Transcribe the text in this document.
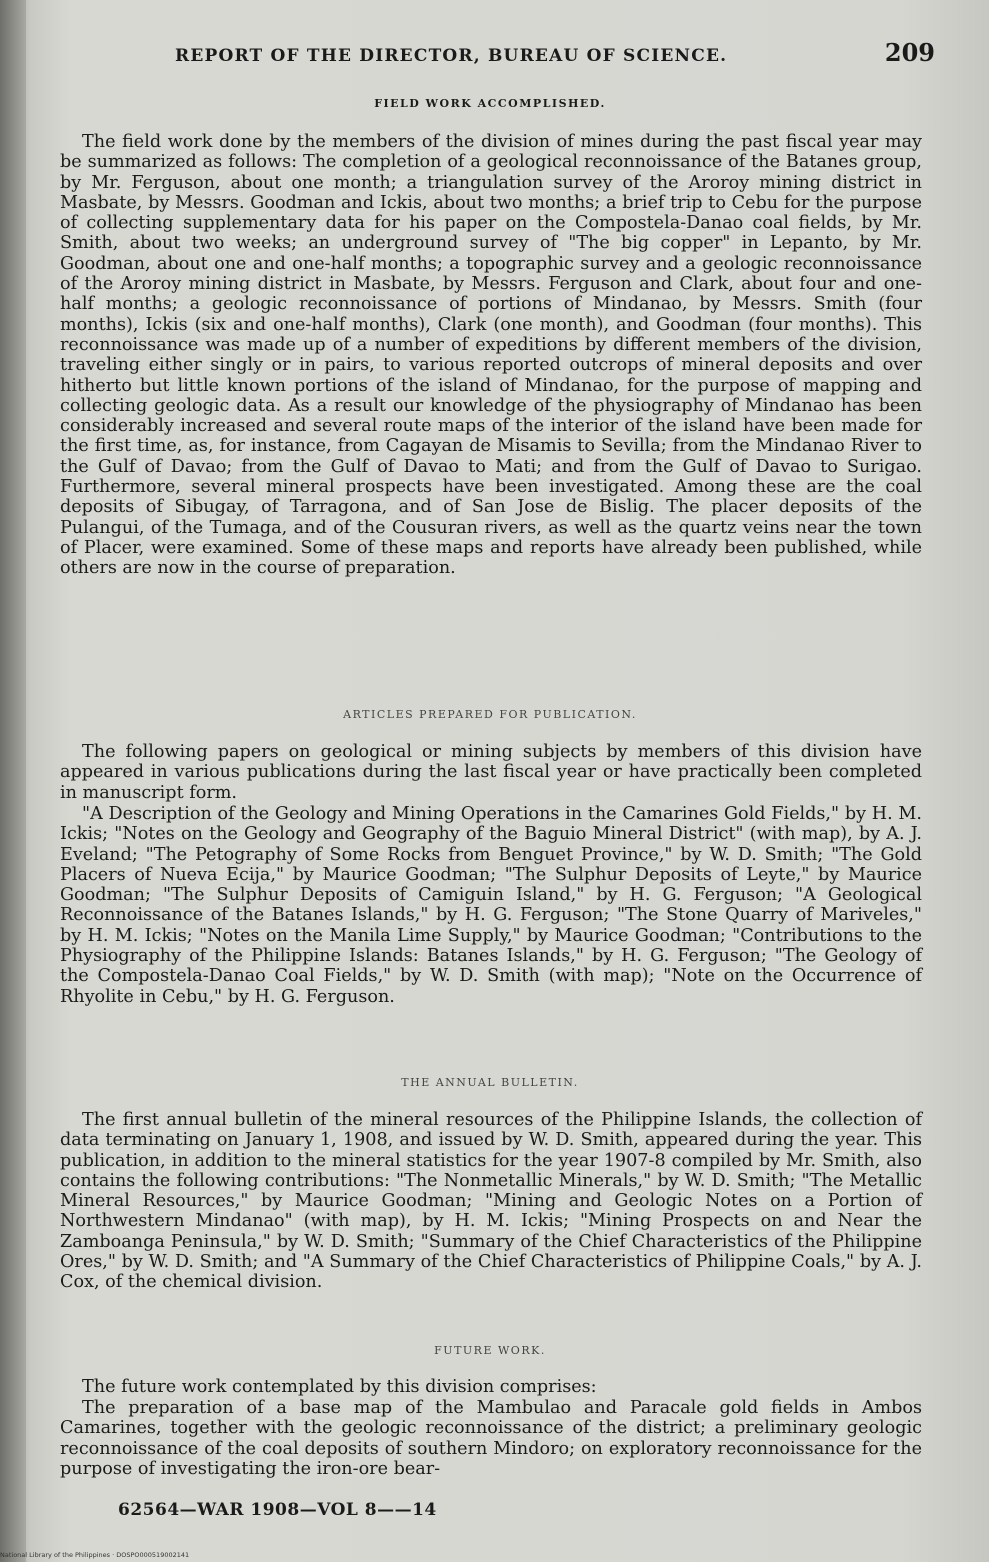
REPORT OF THE DIRECTOR, BUREAU OF SCIENCE.	209
FIELD WORK ACCOMPLISHED.

The field work done by the members of the division of mines during the past fiscal year may be summarized as follows: The completion of a geological reconnoissance of the Batanes group, by Mr. Ferguson, about one month; a triangulation survey of the Aroroy mining district in Masbate, by Messrs. Goodman and Ickis, about two months; a brief trip to Cebu for the purpose of collecting supplementary data for his paper on the Compostela-Danao coal fields, by Mr. Smith, about two weeks; an underground survey of "The big copper" in Lepanto, by Mr. Goodman, about one and one-half months; a topographic survey and a geologic reconnoissance of the Aroroy mining district in Masbate, by Messrs. Ferguson and Clark, about four and one-half months; a geologic reconnoissance of portions of Mindanao, by Messrs. Smith (four months), Ickis (six and one-half months), Clark (one month), and Goodman (four months). This reconnoissance was made up of a number of expeditions by different members of the division, traveling either singly or in pairs, to various reported outcrops of mineral deposits and over hitherto but little known portions of the island of Mindanao, for the purpose of mapping and collecting geologic data. As a result our knowledge of the physiography of Mindanao has been considerably increased and several route maps of the interior of the island have been made for the first time, as, for instance, from Cagayan de Misamis to Sevilla; from the Mindanao River to the Gulf of Davao; from the Gulf of Davao to Mati; and from the Gulf of Davao to Surigao. Furthermore, several mineral prospects have been investigated. Among these are the coal deposits of Sibugay, of Tarragona, and of San Jose de Bislig. The placer deposits of the Pulangui, of the Tumaga, and of the Cousuran rivers, as well as the quartz veins near the town of Placer, were examined. Some of these maps and reports have already been published, while others are now in the course of preparation.

ARTICLES PREPARED FOR PUBLICATION.

The following papers on geological or mining subjects by members of this division have appeared in various publications during the last fiscal year or have practically been completed in manuscript form.

"A Description of the Geology and Mining Operations in the Camarines Gold Fields," by H. M. Ickis; "Notes on the Geology and Geography of the Baguio Mineral District" (with map), by A. J. Eveland; "The Petography of Some Rocks from Benguet Province," by W. D. Smith; "The Gold Placers of Nueva Ecija," by Maurice Goodman; "The Sulphur Deposits of Leyte," by Maurice Goodman; "The Sulphur Deposits of Camiguin Island," by H. G. Ferguson; "A Geological Reconnoissance of the Batanes Islands," by H. G. Ferguson; "The Stone Quarry of Mariveles," by H. M. Ickis; "Notes on the Manila Lime Supply," by Maurice Goodman; "Contributions to the Physiography of the Philippine Islands: Batanes Islands," by H. G. Ferguson; "The Geology of the Compostela-Danao Coal Fields," by W. D. Smith (with map); "Note on the Occurrence of Rhyolite in Cebu," by H. G. Ferguson.

THE ANNUAL BULLETIN.

The first annual bulletin of the mineral resources of the Philippine Islands, the collection of data terminating on January 1, 1908, and issued by W. D. Smith, appeared during the year. This publication, in addition to the mineral statistics for the year 1907-8 compiled by Mr. Smith, also contains the following contributions: "The Nonmetallic Minerals," by W. D. Smith; "The Metallic Mineral Resources," by Maurice Goodman; "Mining and Geologic Notes on a Portion of Northwestern Mindanao" (with map), by H. M. Ickis; "Mining Prospects on and Near the Zamboanga Peninsula," by W. D. Smith; "Summary of the Chief Characteristics of the Philippine Ores," by W. D. Smith; and "A Summary of the Chief Characteristics of Philippine Coals," by A. J. Cox, of the chemical division.

FUTURE WORK.

The future work contemplated by this division comprises:

The preparation of a base map of the Mambulao and Paracale gold fields in Ambos Camarines, together with the geologic reconnoissance of the district; a preliminary geologic reconnoissance of the coal deposits of southern Mindoro; on exploratory reconnoissance for the purpose of investigating the iron-ore bear-

62564—WAR 1908—VOL 8——14
National Library of the Philippines · DOSPO000519002141
